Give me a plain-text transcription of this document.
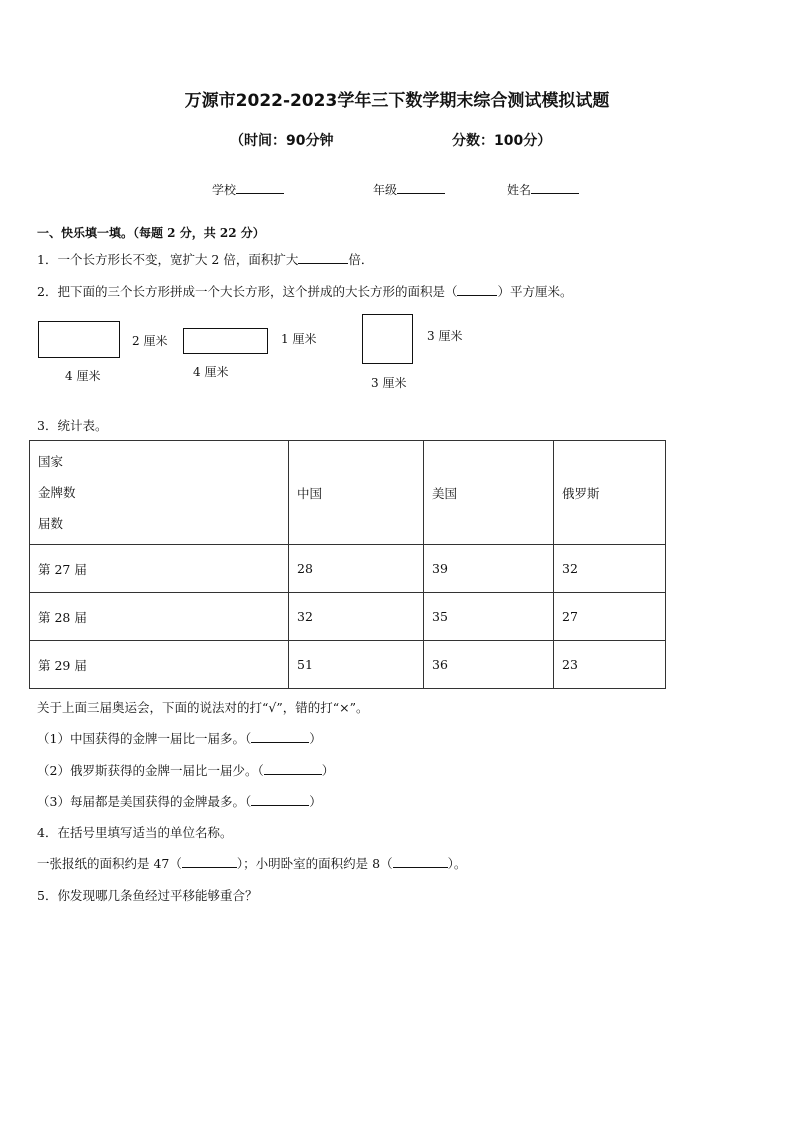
万源市2022-2023学年三下数学期末综合测试模拟试题
（时间：90分钟	分数：100分）
学校	年级	姓名
一、快乐填一填。（每题 2 分，共 22 分）
1．一个长方形长不变，宽扩大 2 倍，面积扩大	倍．
2．把下面的三个长方形拼成一个大长方形，这个拼成的大长方形的面积是（	）平方厘米。
2 厘米
4 厘米
1 厘米
4 厘米
3 厘米
3 厘米
3．统计表。
国家
金牌数
届数	中国	美国	俄罗斯
第 27 届	28	39	32
第 28 届	32	35	27
第 29 届	51	36	23
关于上面三届奥运会，下面的说法对的打“√”，错的打“×”。
（1）中国获得的金牌一届比一届多。（	）
（2）俄罗斯获得的金牌一届比一届少。（	）
（3）每届都是美国获得的金牌最多。（	）
4．在括号里填写适当的单位名称。
一张报纸的面积约是 47（	）；小明卧室的面积约是 8（	）。
5．你发现哪几条鱼经过平移能够重合？
